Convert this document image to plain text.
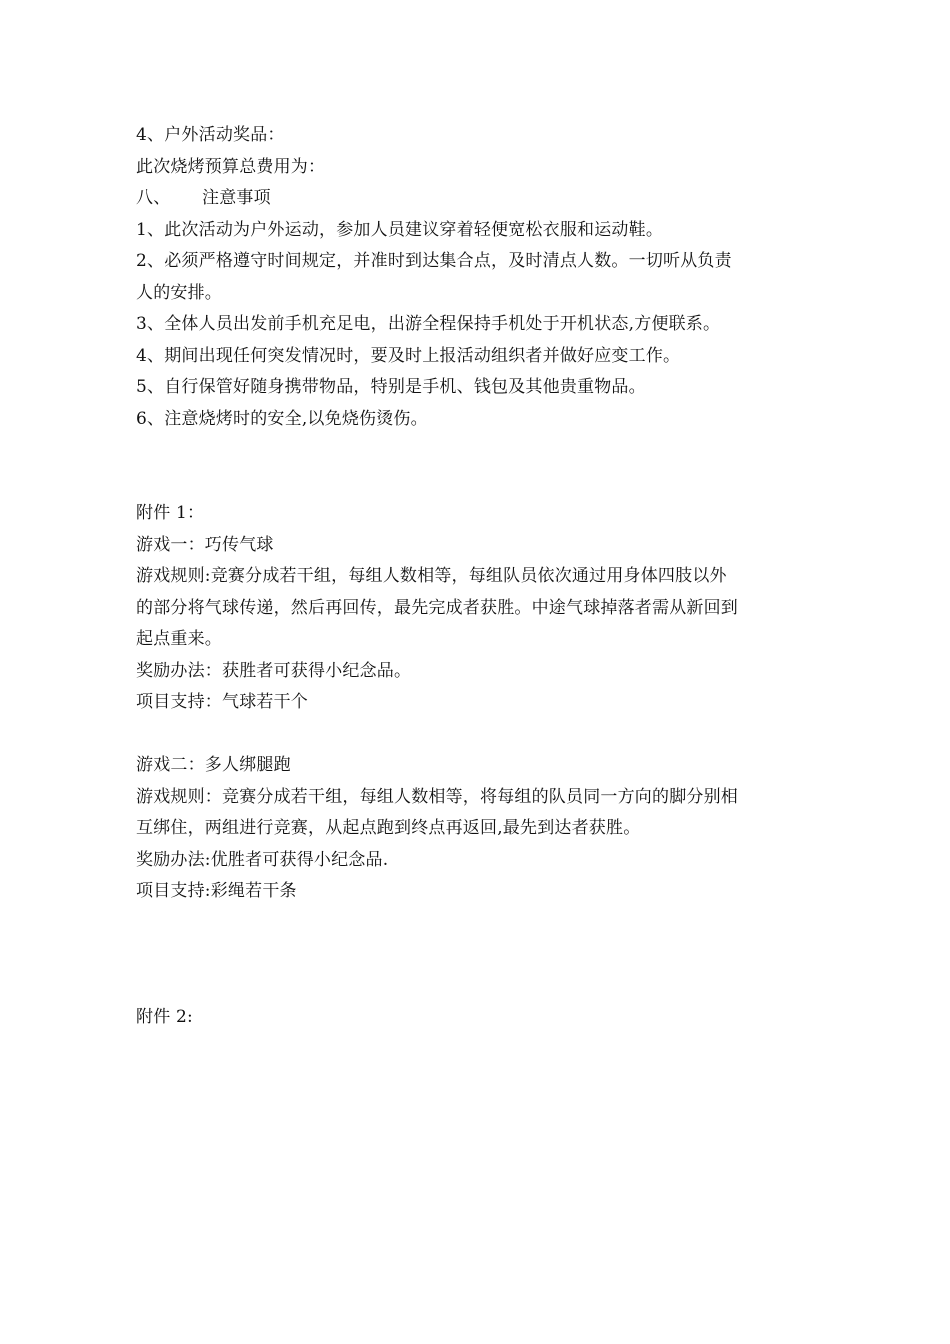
4、户外活动奖品：
此次烧烤预算总费用为：
八、	注意事项
1、此次活动为户外运动，参加人员建议穿着轻便宽松衣服和运动鞋。
2、必须严格遵守时间规定，并准时到达集合点，及时清点人数。一切听从负责
人的安排。
3、全体人员出发前手机充足电，出游全程保持手机处于开机状态,方便联系。
4、期间出现任何突发情况时，要及时上报活动组织者并做好应变工作。
5、自行保管好随身携带物品，特别是手机、钱包及其他贵重物品。
6、注意烧烤时的安全,以免烧伤烫伤。
附件 1：
游戏一：巧传气球
游戏规则:竞赛分成若干组，每组人数相等，每组队员依次通过用身体四肢以外
的部分将气球传递，然后再回传，最先完成者获胜。中途气球掉落者需从新回到
起点重来。
奖励办法：获胜者可获得小纪念品。
项目支持：气球若干个
游戏二：多人绑腿跑
游戏规则：竞赛分成若干组，每组人数相等，将每组的队员同一方向的脚分别相
互绑住，两组进行竞赛，从起点跑到终点再返回,最先到达者获胜。
奖励办法:优胜者可获得小纪念品.
项目支持:彩绳若干条
附件 2:
